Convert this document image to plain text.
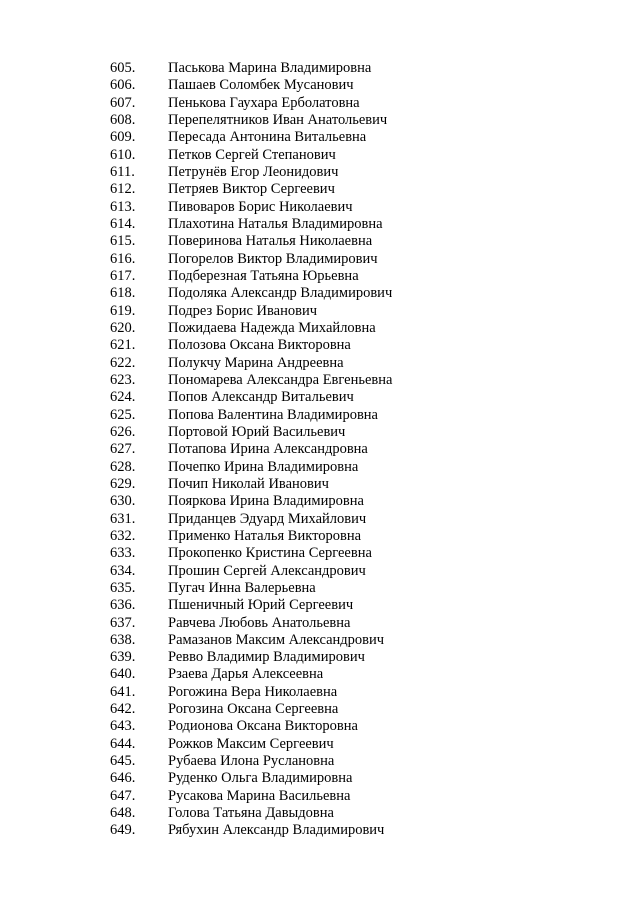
605.	Паськова Марина Владимировна
606.	Пашаев Соломбек Мусанович
607.	Пенькова Гаухара Ерболатовна
608.	Перепелятников Иван Анатольевич
609.	Пересада Антонина Витальевна
610.	Петков Сергей Степанович
611.	Петрунёв Егор Леонидович
612.	Петряев Виктор Сергеевич
613.	Пивоваров Борис Николаевич
614.	Плахотина Наталья Владимировна
615.	Поверинова Наталья Николаевна
616.	Погорелов Виктор Владимирович
617.	Подберезная Татьяна Юрьевна
618.	Подоляка Александр Владимирович
619.	Подрез Борис Иванович
620.	Пожидаева Надежда Михайловна
621.	Полозова Оксана Викторовна
622.	Полукчу Марина Андреевна
623.	Пономарева Александра Евгеньевна
624.	Попов Александр Витальевич
625.	Попова Валентина Владимировна
626.	Портовой Юрий Васильевич
627.	Потапова Ирина Александровна
628.	Почепко Ирина Владимировна
629.	Почип Николай Иванович
630.	Пояркова Ирина Владимировна
631.	Приданцев Эдуард Михайлович
632.	Применко Наталья Викторовна
633.	Прокопенко Кристина Сергеевна
634.	Прошин Сергей Александрович
635.	Пугач Инна Валерьевна
636.	Пшеничный Юрий Сергеевич
637.	Равчева Любовь Анатольевна
638.	Рамазанов Максим Александрович
639.	Ревво Владимир Владимирович
640.	Рзаева Дарья Алексеевна
641.	Рогожина Вера Николаевна
642.	Рогозина Оксана Сергеевна
643.	Родионова Оксана Викторовна
644.	Рожков Максим Сергеевич
645.	Рубаева Илона Руслановна
646.	Руденко Ольга Владимировна
647.	Русакова Марина Васильевна
648.	Голова Татьяна Давыдовна
649.	Рябухин Александр Владимирович
